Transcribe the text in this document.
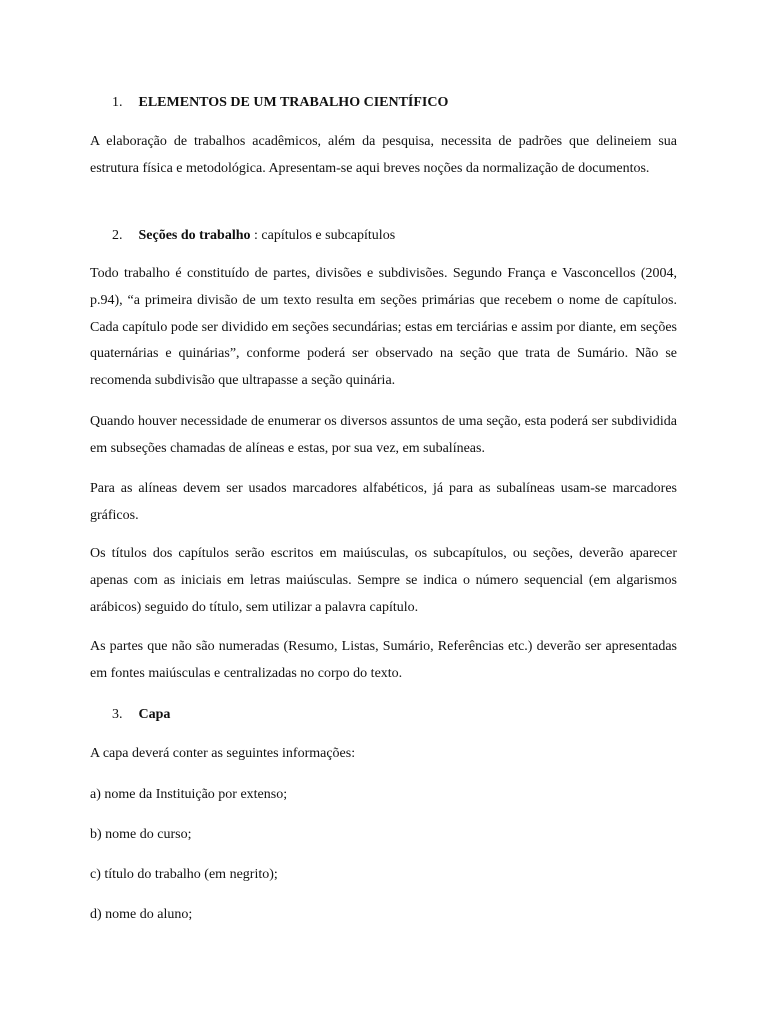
1. ELEMENTOS DE UM TRABALHO CIENTÍFICO
A elaboração de trabalhos acadêmicos, além da pesquisa, necessita de padrões que delineiem sua estrutura física e metodológica. Apresentam-se aqui breves noções da normalização de documentos.
2. Seções do trabalho : capítulos e subcapítulos
Todo trabalho é constituído de partes, divisões e subdivisões. Segundo França e Vasconcellos (2004, p.94), “a primeira divisão de um texto resulta em seções primárias que recebem o nome de capítulos. Cada capítulo pode ser dividido em seções secundárias; estas em terciárias e assim por diante, em seções quaternárias e quinárias”, conforme poderá ser observado na seção que trata de Sumário. Não se recomenda subdivisão que ultrapasse a seção quinária.
Quando houver necessidade de enumerar os diversos assuntos de uma seção, esta poderá ser subdividida em subseções chamadas de alíneas e estas, por sua vez, em subalíneas.
Para as alíneas devem ser usados marcadores alfabéticos, já para as subalíneas usam-se marcadores gráficos.
Os títulos dos capítulos serão escritos em maiúsculas, os subcapítulos, ou seções, deverão aparecer apenas com as iniciais em letras maiúsculas. Sempre se indica o número sequencial (em algarismos arábicos) seguido do título, sem utilizar a palavra capítulo.
As partes que não são numeradas (Resumo, Listas, Sumário, Referências etc.) deverão ser apresentadas em fontes maiúsculas e centralizadas no corpo do texto.
3. Capa
A capa deverá conter as seguintes informações:
a) nome da Instituição por extenso;
b) nome do curso;
c) título do trabalho (em negrito);
d) nome do aluno;
